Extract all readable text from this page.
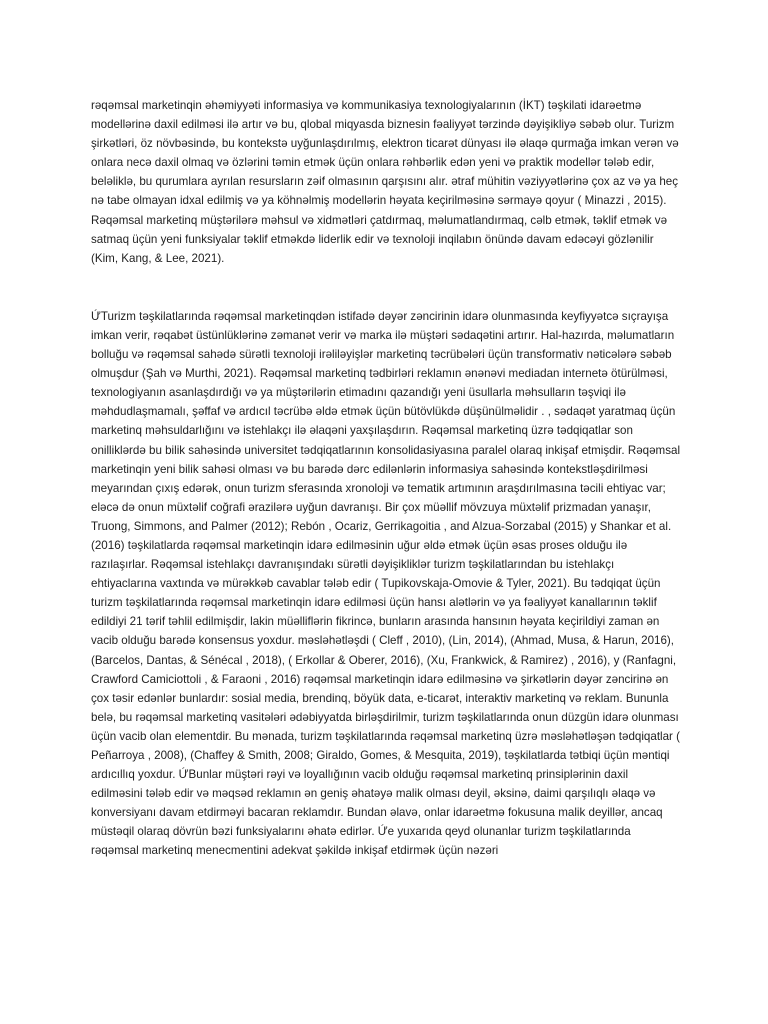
rəqəmsal marketinqin əhəmiyyəti informasiya və kommunikasiya texnologiyalarının (İKT) təşkilati idarəetmə modellərinə daxil edilməsi ilə artır və bu, qlobal miqyasda biznesin fəaliyyət tərzində dəyişikliyə səbəb olur. Turizm şirkətləri, öz növbəsində, bu kontekstə uyğunlaşdırılmış, elektron ticarət dünyası ilə əlaqə qurmağa imkan verən və onlara necə daxil olmaq və özlərini təmin etmək üçün onlara rəhbərlik edən yeni və praktik modellər tələb edir, beləliklə, bu qurumlara ayrılan resursların zəif olmasının qarşısını alır. ətraf mühitin vəziyyətlərinə çox az və ya heç nə tabe olmayan idxal edilmiş və ya köhnəlmiş modellərin həyata keçirilməsinə sərmayə qoyur ( Minazzi , 2015). Rəqəmsal marketinq müştərilərə məhsul və xidmətləri çatdırmaq, məlumatlandırmaq, cəlb etmək, təklif etmək və satmaq üçün yeni funksiyalar təklif etməkdə liderlik edir və texnoloji inqilabın önündə davam edəcəyi gözlənilir (Kim, Kang, & Lee, 2021).

ỨTurizm təşkilatlarında rəqəmsal marketinqdən istifadə dəyər zəncirinin idarə olunmasında keyfiyyətcə sıçrayışa imkan verir, rəqabət üstünlüklərinə zəmanət verir və marka ilə müştəri sədaqətini artırır. Hal-hazırda, məlumatların bolluğu və rəqəmsal sahədə sürətli texnoloji irəliləyişlər marketinq təcrübələri üçün transformativ nəticələrə səbəb olmuşdur (Şah və Murthi, 2021). Rəqəmsal marketinq tədbirləri reklamın ənənəvi mediadan internetə ötürülməsi, texnologiyanın asanlaşdırdığı və ya müştərilərin etimadını qazandığı yeni üsullarla məhsulların təşviqi ilə məhdudlaşmamalı, şəffaf və ardıcıl təcrübə əldə etmək üçün bütövlükdə düşünülməlidir . , sədaqət yaratmaq üçün marketinq məhsuldarlığını və istehlakçı ilə əlaqəni yaxşılaşdırın. Rəqəmsal marketinq üzrə tədqiqatlar son onilliklərdə bu bilik sahəsində universitet tədqiqatlarının konsolidasiyasına paralel olaraq inkişaf etmişdir. Rəqəmsal marketinqin yeni bilik sahəsi olması və bu barədə dərc edilənlərin informasiya sahəsində kontekstləşdirilməsi meyarından çıxış edərək, onun turizm sferasında xronoloji və tematik artımının araşdırılmasına təcili ehtiyac var; eləcə də onun müxtəlif coğrafi ərazilərə uyğun davranışı. Bir çox müəllif mövzuya müxtəlif prizmadan yanaşır, Truong, Simmons, and Palmer (2012); Rebón , Ocariz, Gerrikagoitia , and Alzua-Sorzabal (2015) y Shankar et al. (2016) təşkilatlarda rəqəmsal marketinqin idarə edilməsinin uğur əldə etmək üçün əsas proses olduğu ilə razılaşırlar. Rəqəmsal istehlakçı davranışındakı sürətli dəyişikliklər turizm təşkilatlarından bu istehlakçı ehtiyaclarına vaxtında və mürəkkəb cavablar tələb edir ( Tupikovskaja-Omovie & Tyler, 2021). Bu tədqiqat üçün turizm təşkilatlarında rəqəmsal marketinqin idarə edilməsi üçün hansı alətlərin və ya fəaliyyət kanallarının təklif edildiyi 21 tərif təhlil edilmişdir, lakin müəlliflərin fikrincə, bunların arasında hansının həyata keçirildiyi zaman ən vacib olduğu barədə konsensus yoxdur. məsləhətləşdi ( Cleff , 2010), (Lin, 2014), (Ahmad, Musa, & Harun, 2016), (Barcelos, Dantas, & Sénécal , 2018), ( Erkollar & Oberer, 2016), (Xu, Frankwick, & Ramirez) , 2016), y (Ranfagni, Crawford Camiciottoli , & Faraoni , 2016) rəqəmsal marketinqin idarə edilməsinə və şirkətlərin dəyər zəncirinə ən çox təsir edənlər bunlardır: sosial media, brendinq, böyük data, e-ticarət, interaktiv marketinq və reklam. Bununla belə, bu rəqəmsal marketinq vasitələri ədəbiyyatda birləşdirilmir, turizm təşkilatlarında onun düzgün idarə olunması üçün vacib olan elementdir. Bu mənada, turizm təşkilatlarında rəqəmsal marketinq üzrə məsləhətləşən tədqiqatlar ( Peñarroya , 2008), (Chaffey & Smith, 2008; Giraldo, Gomes, & Mesquita, 2019), təşkilatlarda tətbiqi üçün məntiqi ardıcıllıq yoxdur. ỨBunlar müştəri rəyi və loyallığının vacib olduğu rəqəmsal marketinq prinsiplərinin daxil edilməsini tələb edir və məqsəd reklamın ən geniş əhatəyə malik olması deyil, əksinə, daimi qarşılıqlı əlaqə və konversiyanı davam etdirməyi bacaran reklamdır. Bundan əlavə, onlar idarəetmə fokusuna malik deyillər, ancaq müstəqil olaraq dövrün bəzi funksiyalarını əhatə edirlər. Ứe yuxarıda qeyd olunanlar turizm təşkilatlarında rəqəmsal marketinq menecmentini adekvat şəkildə inkişaf etdirmək üçün nəzəri
